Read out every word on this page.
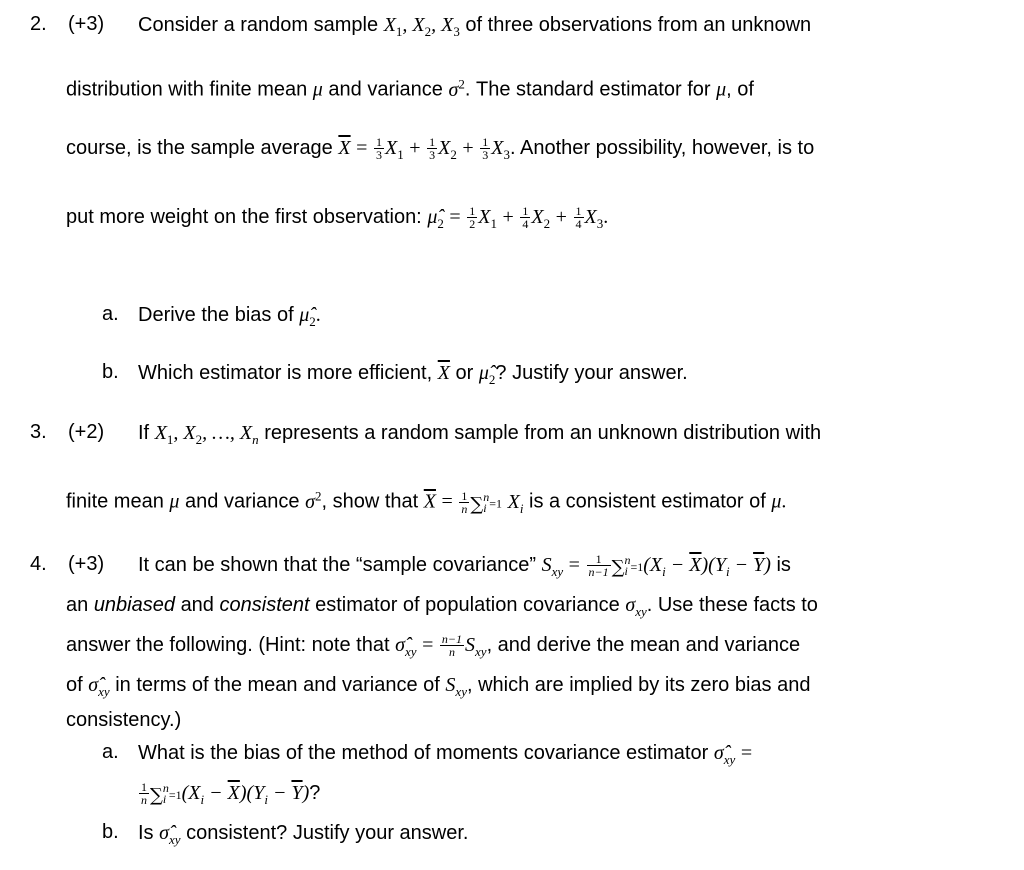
2. (+3) Consider a random sample $X_1$, $X_2$, $X_3$ of three observations from an unknown
distribution with finite mean μ and variance $\sigma^2$. The standard estimator for μ, of
course, is the sample average $\overline{X} = \frac{1}{3} X_1 + \frac{1}{3} X_2 + \frac{1}{3} X_3$. Another possibility, however, is to
put more weight on the first observation: $\mû_2 = \frac{1}{2} X_1 + \frac{1}{4} X_2 + \frac{1}{4} X_3$.
a. Derive the bias of $\mû_2$.
b. Which estimator is more efficient, $\overline{X}$ or $\mû_2$? Justify your answer.
3. (+2) If $X_1$, $X_2$, …, $X_n$ represents a random sample from an unknown distribution with
finite mean μ and variance $\sigma^2$, show that $\overline{X} = \frac{1}{n}$ ∑ n
i =1 $X_i$ is a consistent estimator of μ.
4. (+3) It can be shown that the “sample covariance” $S_{xy} = \frac{1}{n-1}$ ∑ n
$i =1(X_i - \overline{X})(Y_i - \overline{Y})$ is
an unbiased and consistent estimator of population covariance $\sigma_{xy}$. Use these facts to
answer the following. (Hint: note that $\sigmâ_{xy} = \frac{n-1}{n} S_{xy}$, and derive the mean and variance
of $\sigmâ_{xy}$ in terms of the mean and variance of $S_{xy}$, which are implied by its zero bias and
consistency.)
a. What is the bias of the method of moments covariance estimator $\sigmâ_{xy}$ =
$\frac{1}{n}$ ∑ n
$i =1(X_i - \overline{X})(Y_i - \overline{Y})$?
b. Is $\sigmâ_{xy}$ consistent? Justify your answer.
